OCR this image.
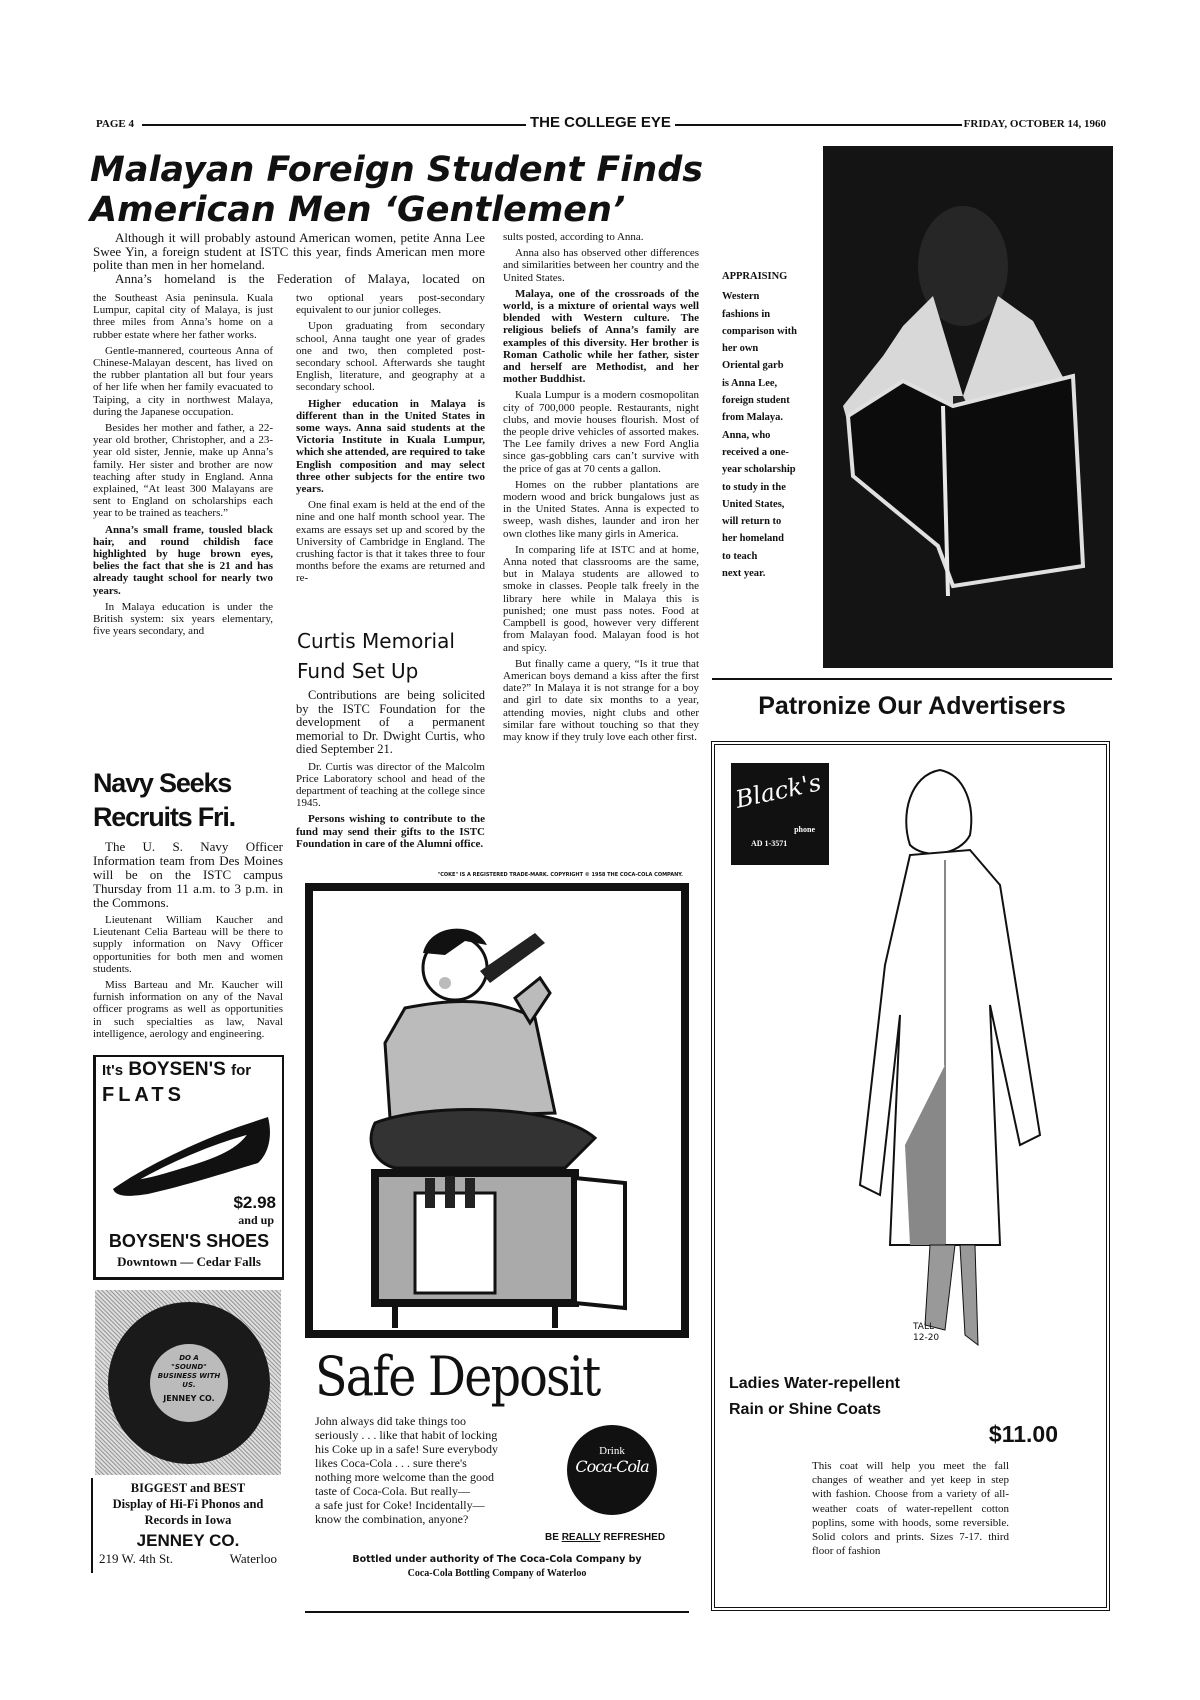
PAGE 4	THE COLLEGE EYE	FRIDAY, OCTOBER 14, 1960
Malayan Foreign Student Finds
American Men ‘Gentlemen’

Although it will probably astound American women, petite Anna Lee Swee Yin, a foreign student at ISTC this year, finds American men more polite than men in her homeland.

Anna’s homeland is the Federation of Malaya, located on

the Southeast Asia peninsula. Kuala Lumpur, capital city of Malaya, is just three miles from Anna’s home on a rubber estate where her father works.

Gentle-mannered, courteous Anna of Chinese-Malayan descent, has lived on the rubber plantation all but four years of her life when her family evacuated to Taiping, a city in northwest Malaya, during the Japanese occupation.

Besides her mother and father, a 22-year old brother, Christopher, and a 23-year old sister, Jennie, make up Anna’s family. Her sister and brother are now teaching after study in England. Anna explained, “At least 300 Malayans are sent to England on scholarships each year to be trained as teachers.”

Anna’s small frame, tousled black hair, and round childish face highlighted by huge brown eyes, belies the fact that she is 21 and has already taught school for nearly two years.

In Malaya education is under the British system: six years elementary, five years secondary, and

Navy Seeks
Recruits Fri.

The U. S. Navy Officer Information team from Des Moines will be on the ISTC campus Thursday from 11 a.m. to 3 p.m. in the Commons.

Lieutenant William Kaucher and Lieutenant Celia Barteau will be there to supply information on Navy Officer opportunities for both men and women students.

Miss Barteau and Mr. Kaucher will furnish information on any of the Naval officer programs as well as opportunities in such specialties as law, Naval intelligence, aerology and engineering.

It's BOYSEN'S for
FLATS
$2.98
and up
BOYSEN'S SHOES
Downtown — Cedar Falls
DO A
"SOUND"
BUSINESS WITH
US.
JENNEY CO.
BIGGEST and BEST
Display of Hi-Fi Phonos and
Records in Iowa
JENNEY CO.
219 W. 4th St.	Waterloo

two optional years post-secondary equivalent to our junior colleges.

Upon graduating from secondary school, Anna taught one year of grades one and two, then completed post-secondary school. Afterwards she taught English, literature, and geography at a secondary school.

Higher education in Malaya is different than in the United States in some ways. Anna said students at the Victoria Institute in Kuala Lumpur, which she attended, are required to take English composition and may select three other subjects for the entire two years.

One final exam is held at the end of the nine and one half month school year. The exams are essays set up and scored by the University of Cambridge in England. The crushing factor is that it takes three to four months before the exams are returned and re-

Curtis Memorial
Fund Set Up

Contributions are being solicited by the ISTC Foundation for the development of a permanent memorial to Dr. Dwight Curtis, who died September 21.

Dr. Curtis was director of the Malcolm Price Laboratory school and head of the department of teaching at the college since 1945.

Persons wishing to contribute to the fund may send their gifts to the ISTC Foundation in care of the Alumni office.

sults posted, according to Anna.

Anna also has observed other differences and similarities between her country and the United States.

Malaya, one of the crossroads of the world, is a mixture of oriental ways well blended with Western culture. The religious beliefs of Anna’s family are examples of this diversity. Her brother is Roman Catholic while her father, sister and herself are Methodist, and her mother Buddhist.

Kuala Lumpur is a modern cosmopolitan city of 700,000 people. Restaurants, night clubs, and movie houses flourish. Most of the people drive vehicles of assorted makes. The Lee family drives a new Ford Anglia since gas-gobbling cars can’t survive with the price of gas at 70 cents a gallon.

Homes on the rubber plantations are modern wood and brick bungalows just as in the United States. Anna is expected to sweep, wash dishes, launder and iron her own clothes like many girls in America.

In comparing life at ISTC and at home, Anna noted that classrooms are the same, but in Malaya students are allowed to smoke in classes. People talk freely in the library here while in Malaya this is punished; one must pass notes. Food at Campbell is good, however very different from Malayan food. Malayan food is hot and spicy.

But finally came a query, “Is it true that American boys demand a kiss after the first date?” In Malaya it is not strange for a boy and girl to date six months to a year, attending movies, night clubs and other similar fare without touching so that they may know if they truly love each other first.

APPRAISING
Western
fashions in
comparison with
her own
Oriental garb
is Anna Lee,
foreign student
from Malaya.
Anna, who
received a one-
year scholarship
to study in the
United States,
will return to
her homeland
to teach
next year.
Patronize Our Advertisers
"COKE" IS A REGISTERED TRADE-MARK. COPYRIGHT © 1958 THE COCA-COLA COMPANY.
Safe Deposit
John always did take things too
seriously . . . like that habit of locking
his Coke up in a safe! Sure everybody
likes Coca-Cola . . . sure there's
nothing more welcome than the good
taste of Coca-Cola. But really—
a safe just for Coke! Incidentally—
know the combination, anyone?
Drink
Coca-Cola
BE REALLY REFRESHED
Bottled under authority of The Coca-Cola Company by
Coca-Cola Bottling Company of Waterloo
Black's
phone
AD 1-3571
TALL
12-20
Ladies Water-repellent
Rain or Shine Coats
$11.00
This coat will help you meet the fall changes of weather and yet keep in step with fashion. Choose from a variety of all-weather coats of water-repellent cotton poplins, some with hoods, some reversible. Solid colors and prints. Sizes 7-17. third floor of fashion
